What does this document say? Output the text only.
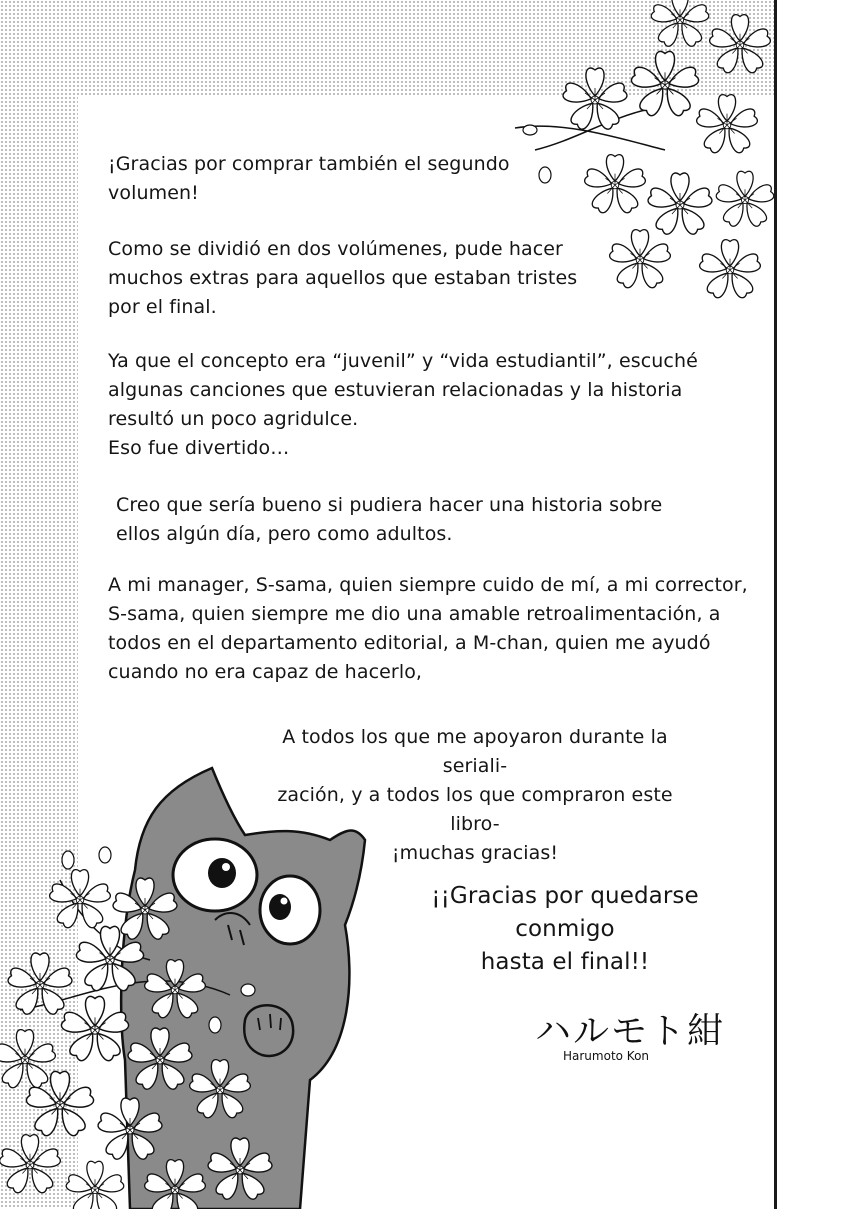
¡Gracias por comprar también el segundo
volumen!

Como se dividió en dos volúmenes, pude hacer
muchos extras para aquellos que estaban tristes
por el final.

Ya que el concepto era “juvenil” y “vida estudiantil”, escuché
algunas canciones que estuvieran relacionadas y la historia
resultó un poco agridulce.
Eso fue divertido…

Creo que sería bueno si pudiera hacer una historia sobre
ellos algún día, pero como adultos.

A mi manager, S-sama, quien siempre cuido de mí, a mi corrector,
S-sama, quien siempre me dio una amable retroalimentación, a
todos en el departamento editorial, a M-chan, quien me ayudó
cuando no era capaz de hacerlo,

A todos los que me apoyaron durante la seriali-
zación, y a todos los que compraron este libro-
¡muchas gracias!

¡¡Gracias por quedarse conmigo
hasta el final!!

ハルモト紺
Harumoto Kon
